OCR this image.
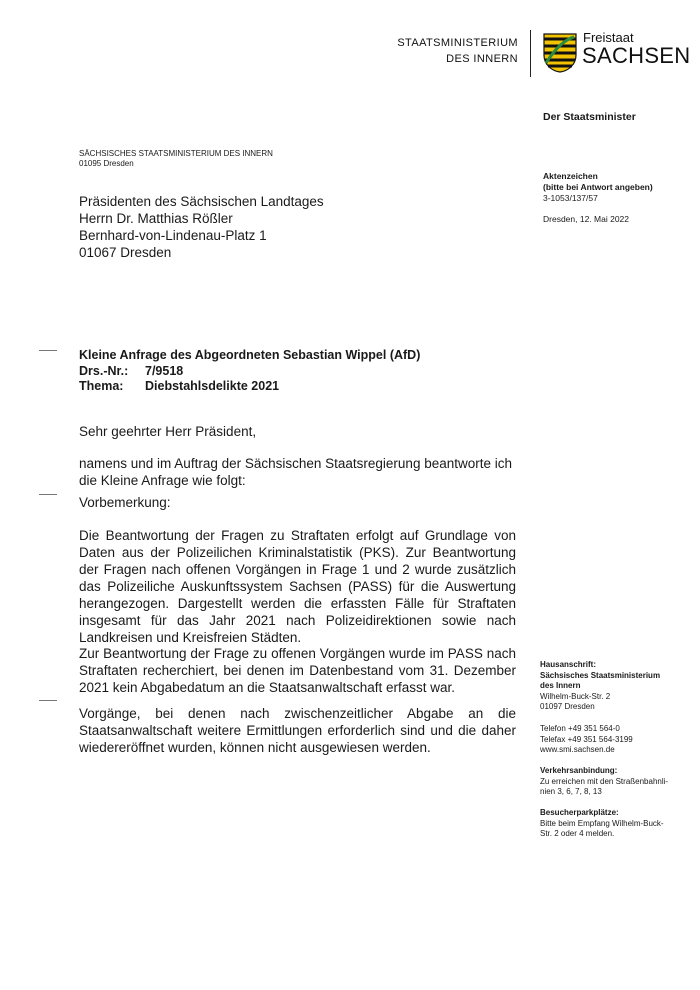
STAATSMINISTERIUM
DES INNERN
Freistaat
SACHSEN
Der Staatsminister
SÄCHSISCHES STAATSMINISTERIUM DES INNERN
01095 Dresden
Präsidenten des Sächsischen Landtages
Herrn Dr. Matthias Rößler
Bernhard-von-Lindenau-Platz 1
01067 Dresden
Aktenzeichen
(bitte bei Antwort angeben)
3-1053/137/57
Dresden, 12. Mai 2022
Kleine Anfrage des Abgeordneten Sebastian Wippel (AfD)
Drs.-Nr.: 7/9518
Thema: Diebstahlsdelikte 2021

Sehr geehrter Herr Präsident,

namens und im Auftrag der Sächsischen Staatsregierung beantworte ich die Kleine Anfrage wie folgt:

Vorbemerkung:

Die Beantwortung der Fragen zu Straftaten erfolgt auf Grundlage von Daten aus der Polizeilichen Kriminalstatistik (PKS). Zur Beantwortung der Fragen nach offenen Vorgängen in Frage 1 und 2 wurde zusätzlich das Polizeiliche Auskunftssystem Sachsen (PASS) für die Auswertung herangezogen. Dargestellt werden die erfassten Fälle für Straftaten insgesamt für das Jahr 2021 nach Polizeidirektionen sowie nach Landkreisen und Kreisfreien Städten.

Zur Beantwortung der Frage zu offenen Vorgängen wurde im PASS nach Straftaten recherchiert, bei denen im Datenbestand vom 31. Dezember 2021 kein Abgabedatum an die Staatsanwaltschaft erfasst war.

Vorgänge, bei denen nach zwischenzeitlicher Abgabe an die Staatsanwaltschaft weitere Ermittlungen erforderlich sind und die daher wiedereröffnet wurden, können nicht ausgewiesen werden.

Hausanschrift:
Sächsisches Staatsministerium
des Innern
Wilhelm-Buck-Str. 2
01097 Dresden
Telefon +49 351 564-0
Telefax +49 351 564-3199
www.smi.sachsen.de
Verkehrsanbindung:
Zu erreichen mit den Straßenbahnli-
nien 3, 6, 7, 8, 13
Besucherparkplätze:
Bitte beim Empfang Wilhelm-Buck-
Str. 2 oder 4 melden.
